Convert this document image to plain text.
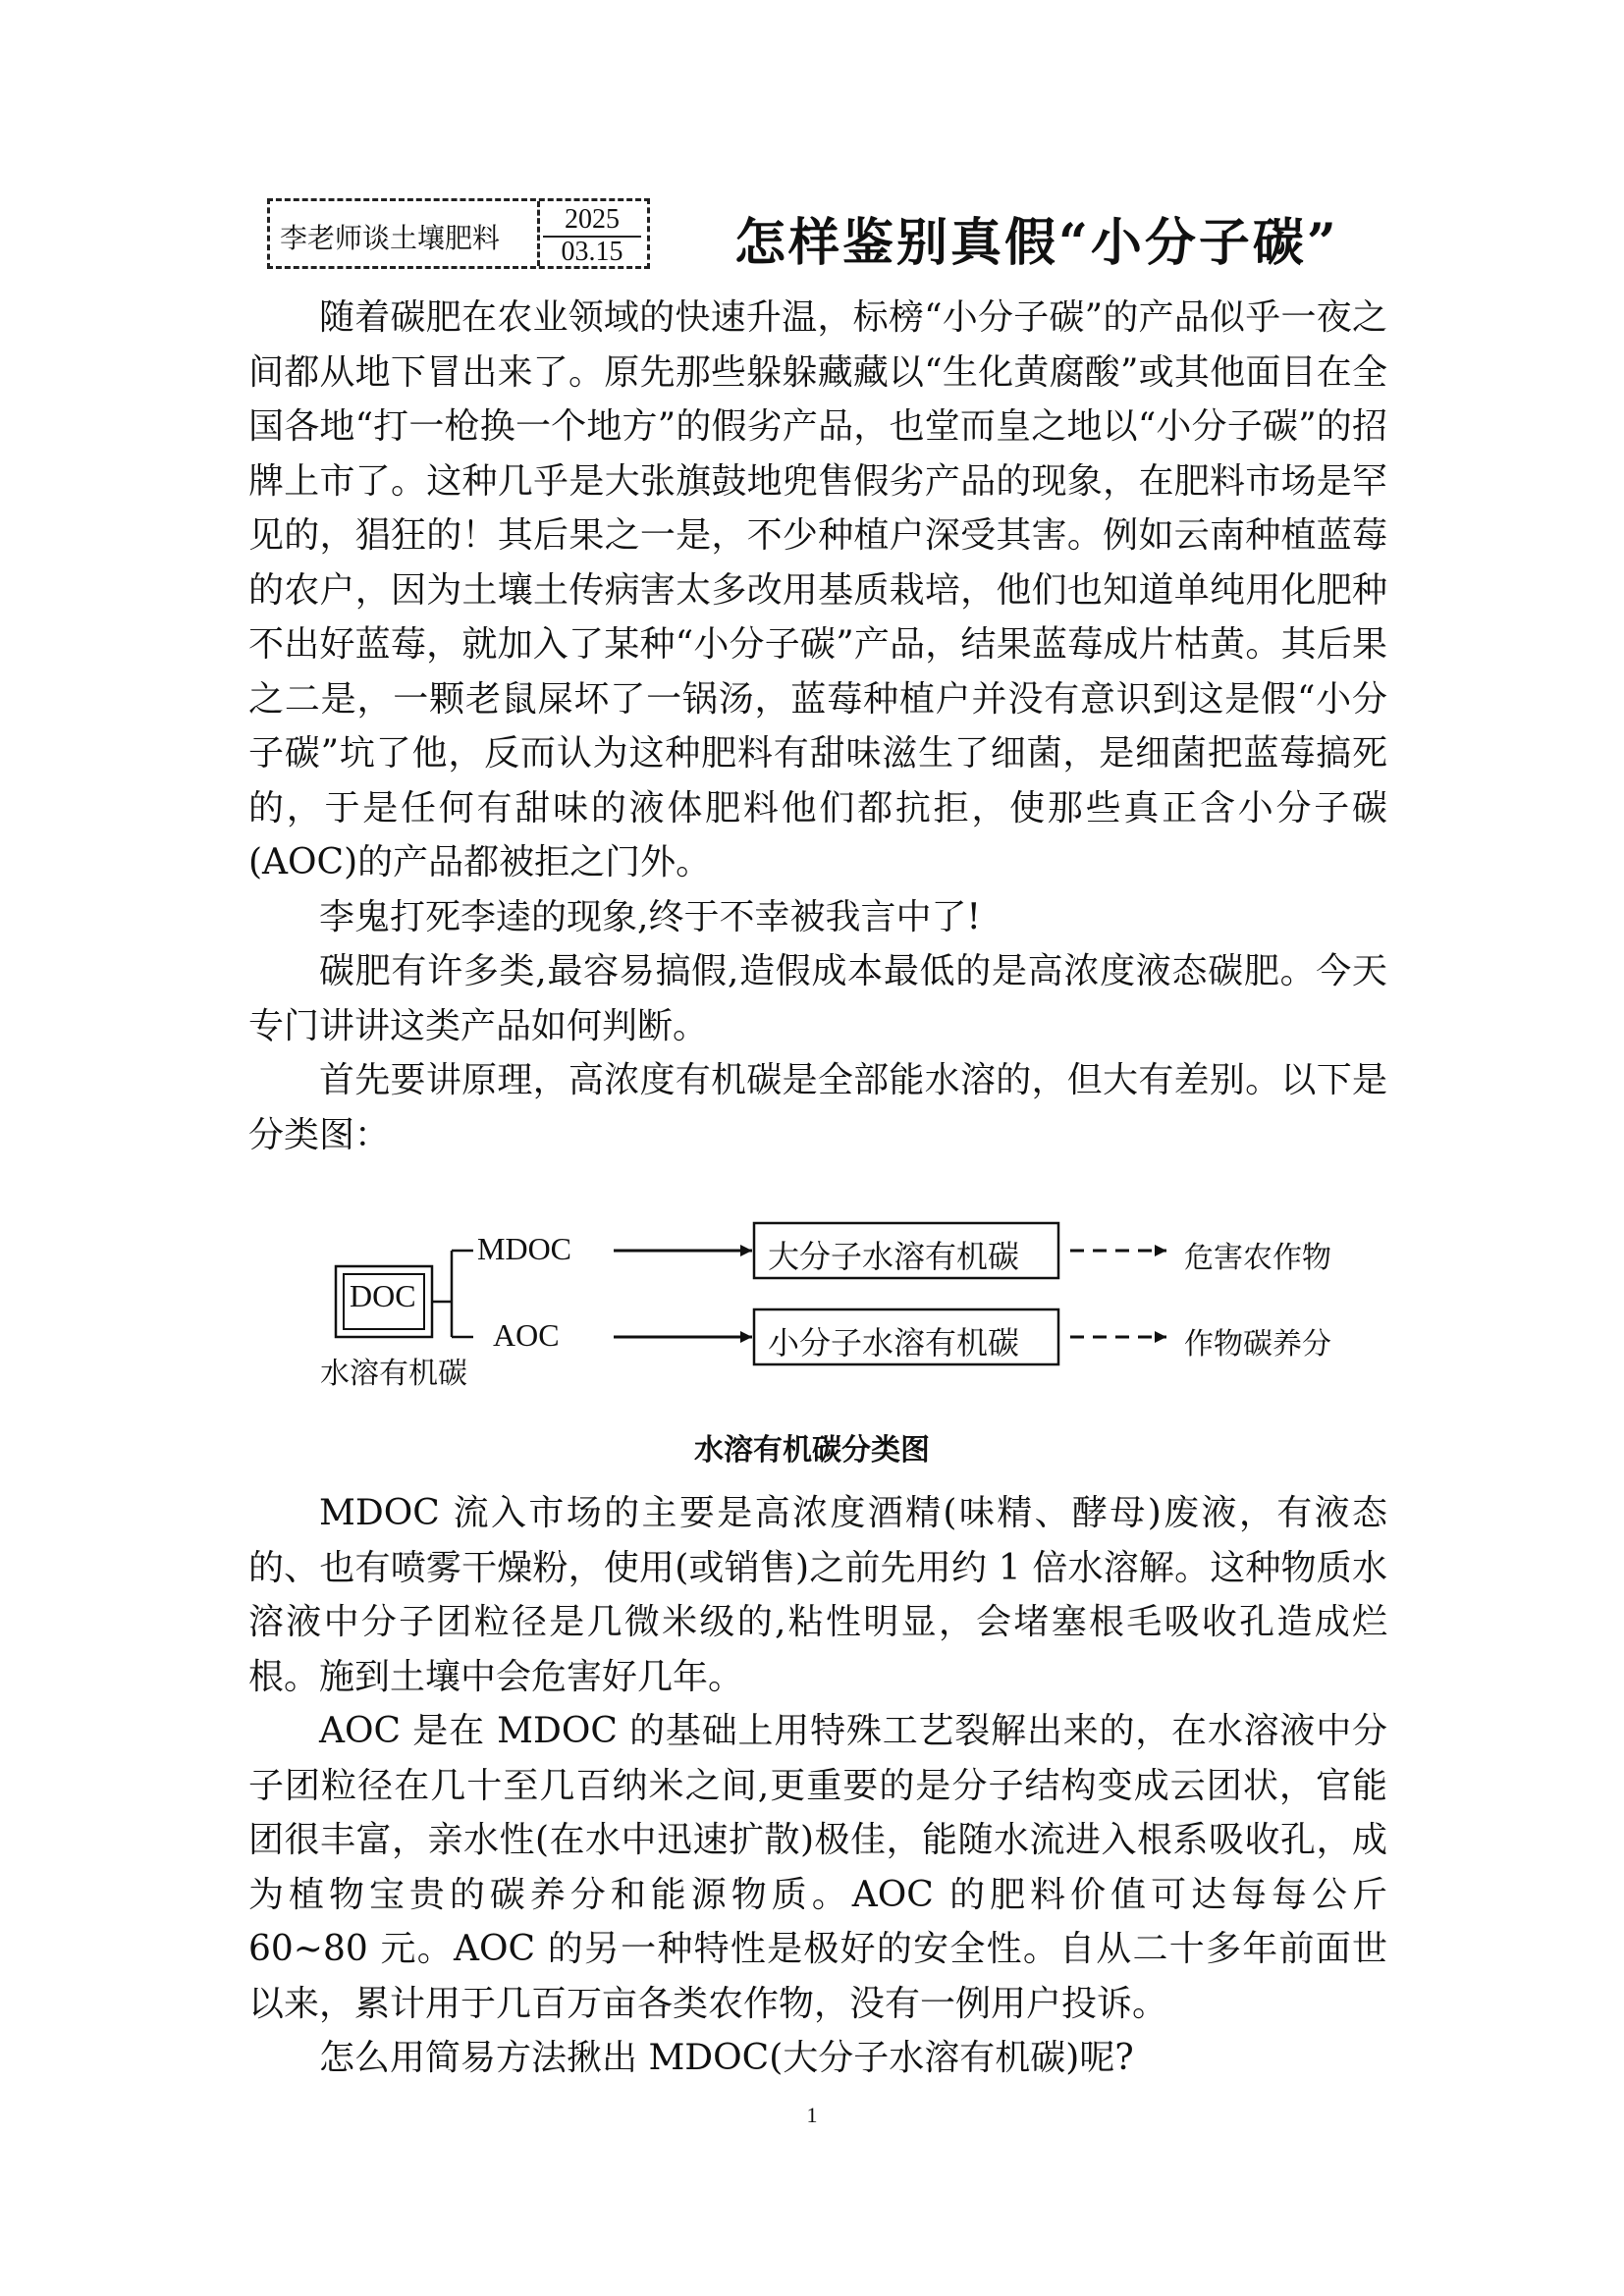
李老师谈土壤肥料
2025
03.15	怎样鉴别真假“小分子碳”

随着碳肥在农业领域的快速升温，标榜“小分子碳”的产品似乎一夜之间都从地下冒出来了。原先那些躲躲藏藏以“生化黄腐酸”或其他面目在全国各地“打一枪换一个地方”的假劣产品，也堂而皇之地以“小分子碳”的招牌上市了。这种几乎是大张旗鼓地兜售假劣产品的现象，在肥料市场是罕见的，猖狂的！其后果之一是，不少种植户深受其害。例如云南种植蓝莓的农户，因为土壤土传病害太多改用基质栽培，他们也知道单纯用化肥种不出好蓝莓，就加入了某种“小分子碳”产品，结果蓝莓成片枯黄。其后果之二是，一颗老鼠屎坏了一锅汤，蓝莓种植户并没有意识到这是假“小分子碳”坑了他，反而认为这种肥料有甜味滋生了细菌，是细菌把蓝莓搞死的，于是任何有甜味的液体肥料他们都抗拒，使那些真正含小分子碳(AOC)的产品都被拒之门外。

李鬼打死李逵的现象,终于不幸被我言中了!

碳肥有许多类,最容易搞假,造假成本最低的是高浓度液态碳肥。今天专门讲讲这类产品如何判断。

首先要讲原理，高浓度有机碳是全部能水溶的，但大有差别。以下是分类图：

DOC
水溶有机碳
MDOC
AOC
大分子水溶有机碳
小分子水溶有机碳
危害农作物
作物碳养分
水溶有机碳分类图

MDOC 流入市场的主要是高浓度酒精(味精、酵母)废液，有液态的、也有喷雾干燥粉，使用(或销售)之前先用约 1 倍水溶解。这种物质水溶液中分子团粒径是几微米级的,粘性明显，会堵塞根毛吸收孔造成烂根。施到土壤中会危害好几年。

AOC 是在 MDOC 的基础上用特殊工艺裂解出来的，在水溶液中分子团粒径在几十至几百纳米之间,更重要的是分子结构变成云团状，官能团很丰富，亲水性(在水中迅速扩散)极佳，能随水流进入根系吸收孔，成为植物宝贵的碳养分和能源物质。AOC 的肥料价值可达每每公斤 60~80 元。AOC 的另一种特性是极好的安全性。自从二十多年前面世以来，累计用于几百万亩各类农作物，没有一例用户投诉。

怎么用简易方法揪出 MDOC(大分子水溶有机碳)呢?

1
